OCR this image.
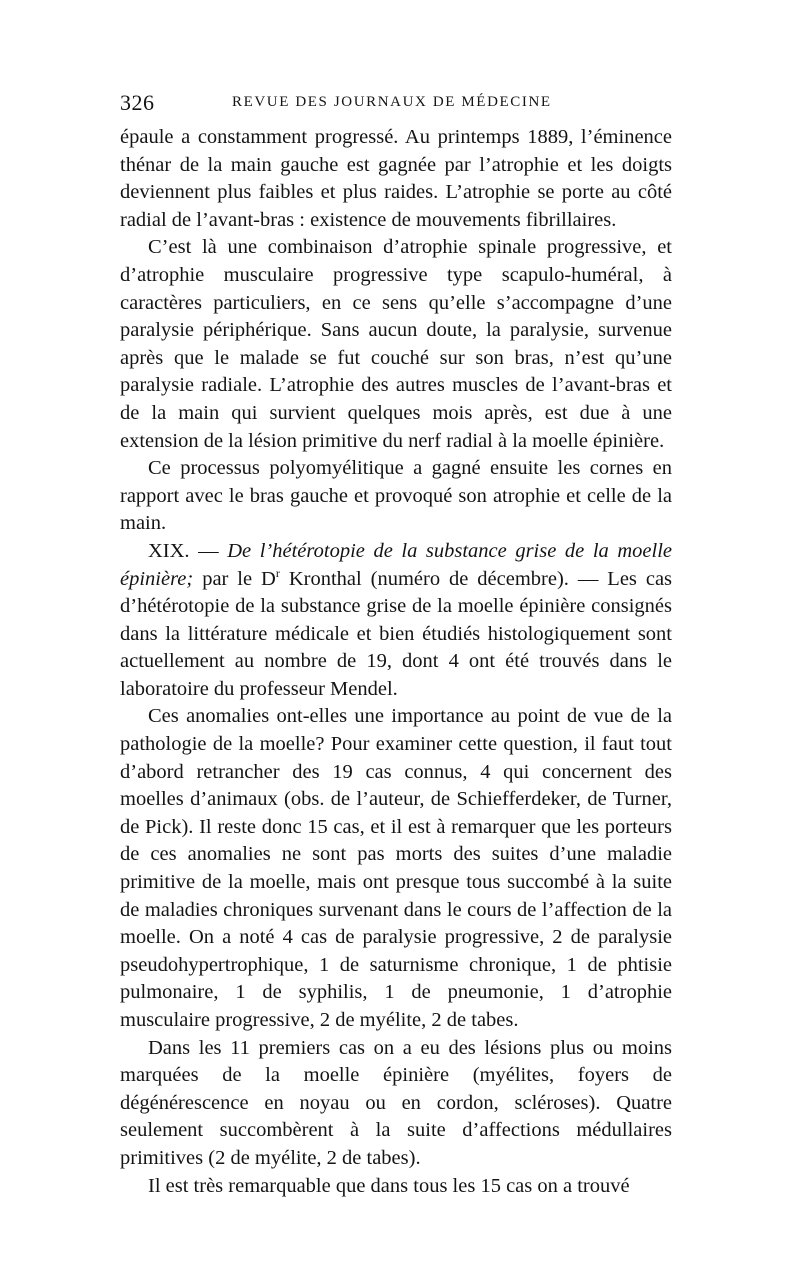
326	REVUE DES JOURNAUX DE MÉDECINE

épaule a constamment progressé. Au printemps 1889, l’éminence thénar de la main gauche est gagnée par l’atrophie et les doigts deviennent plus faibles et plus raides. L’atrophie se porte au côté radial de l’avant-bras : existence de mouvements fibrillaires.

C’est là une combinaison d’atrophie spinale progressive, et d’atrophie musculaire progressive type scapulo-huméral, à caractères particuliers, en ce sens qu’elle s’accompagne d’une paralysie périphérique. Sans aucun doute, la paralysie, survenue après que le malade se fut couché sur son bras, n’est qu’une paralysie radiale. L’atrophie des autres muscles de l’avant-bras et de la main qui survient quelques mois après, est due à une extension de la lésion primitive du nerf radial à la moelle épinière.

Ce processus polyomyélitique a gagné ensuite les cornes en rapport avec le bras gauche et provoqué son atrophie et celle de la main.

XIX. — De l’hétérotopie de la substance grise de la moelle épinière; par le $D^r$ Kronthal (numéro de décembre). — Les cas d’hétérotopie de la substance grise de la moelle épinière consignés dans la littérature médicale et bien étudiés histologiquement sont actuellement au nombre de 19, dont 4 ont été trouvés dans le laboratoire du professeur Mendel.

Ces anomalies ont-elles une importance au point de vue de la pathologie de la moelle? Pour examiner cette question, il faut tout d’abord retrancher des 19 cas connus, 4 qui concernent des moelles d’animaux (obs. de l’auteur, de Schiefferdeker, de Turner, de Pick). Il reste donc 15 cas, et il est à remarquer que les porteurs de ces anomalies ne sont pas morts des suites d’une maladie primitive de la moelle, mais ont presque tous succombé à la suite de maladies chroniques survenant dans le cours de l’affection de la moelle. On a noté 4 cas de paralysie progressive, 2 de paralysie pseudohypertrophique, 1 de saturnisme chronique, 1 de phtisie pulmonaire, 1 de syphilis, 1 de pneumonie, 1 d’atrophie musculaire progressive, 2 de myélite, 2 de tabes.

Dans les 11 premiers cas on a eu des lésions plus ou moins marquées de la moelle épinière (myélites, foyers de dégénérescence en noyau ou en cordon, scléroses). Quatre seulement succombèrent à la suite d’affections médullaires primitives (2 de myélite, 2 de tabes).

Il est très remarquable que dans tous les 15 cas on a trouvé
